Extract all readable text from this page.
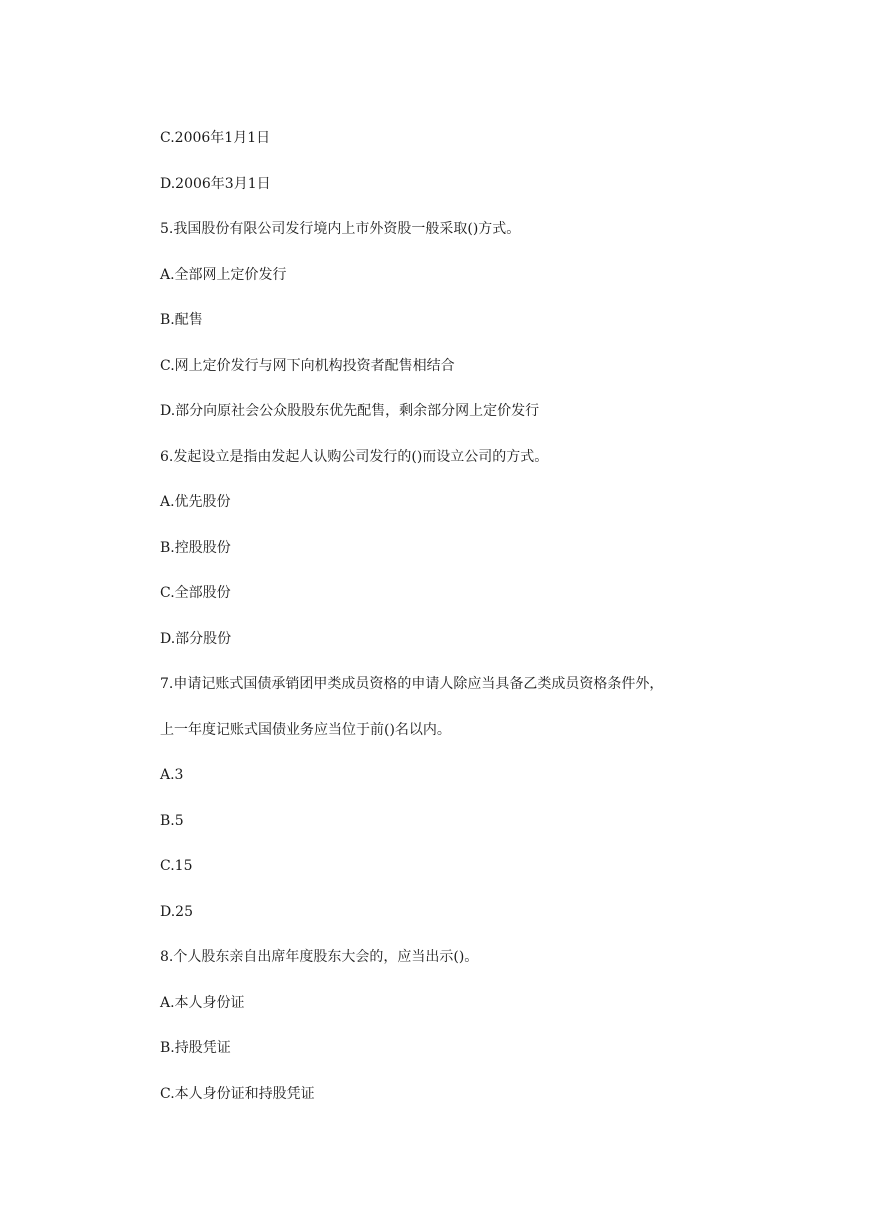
C.2006年1月1日
D.2006年3月1日
5.我国股份有限公司发行境内上市外资股一般采取()方式。
A.全部网上定价发行
B.配售
C.网上定价发行与网下向机构投资者配售相结合
D.部分向原社会公众股股东优先配售，剩余部分网上定价发行
6.发起设立是指由发起人认购公司发行的()而设立公司的方式。
A.优先股份
B.控股股份
C.全部股份
D.部分股份
7.申请记账式国债承销团甲类成员资格的申请人除应当具备乙类成员资格条件外，
上一年度记账式国债业务应当位于前()名以内。
A.3
B.5
C.15
D.25
8.个人股东亲自出席年度股东大会的，应当出示()。
A.本人身份证
B.持股凭证
C.本人身份证和持股凭证
